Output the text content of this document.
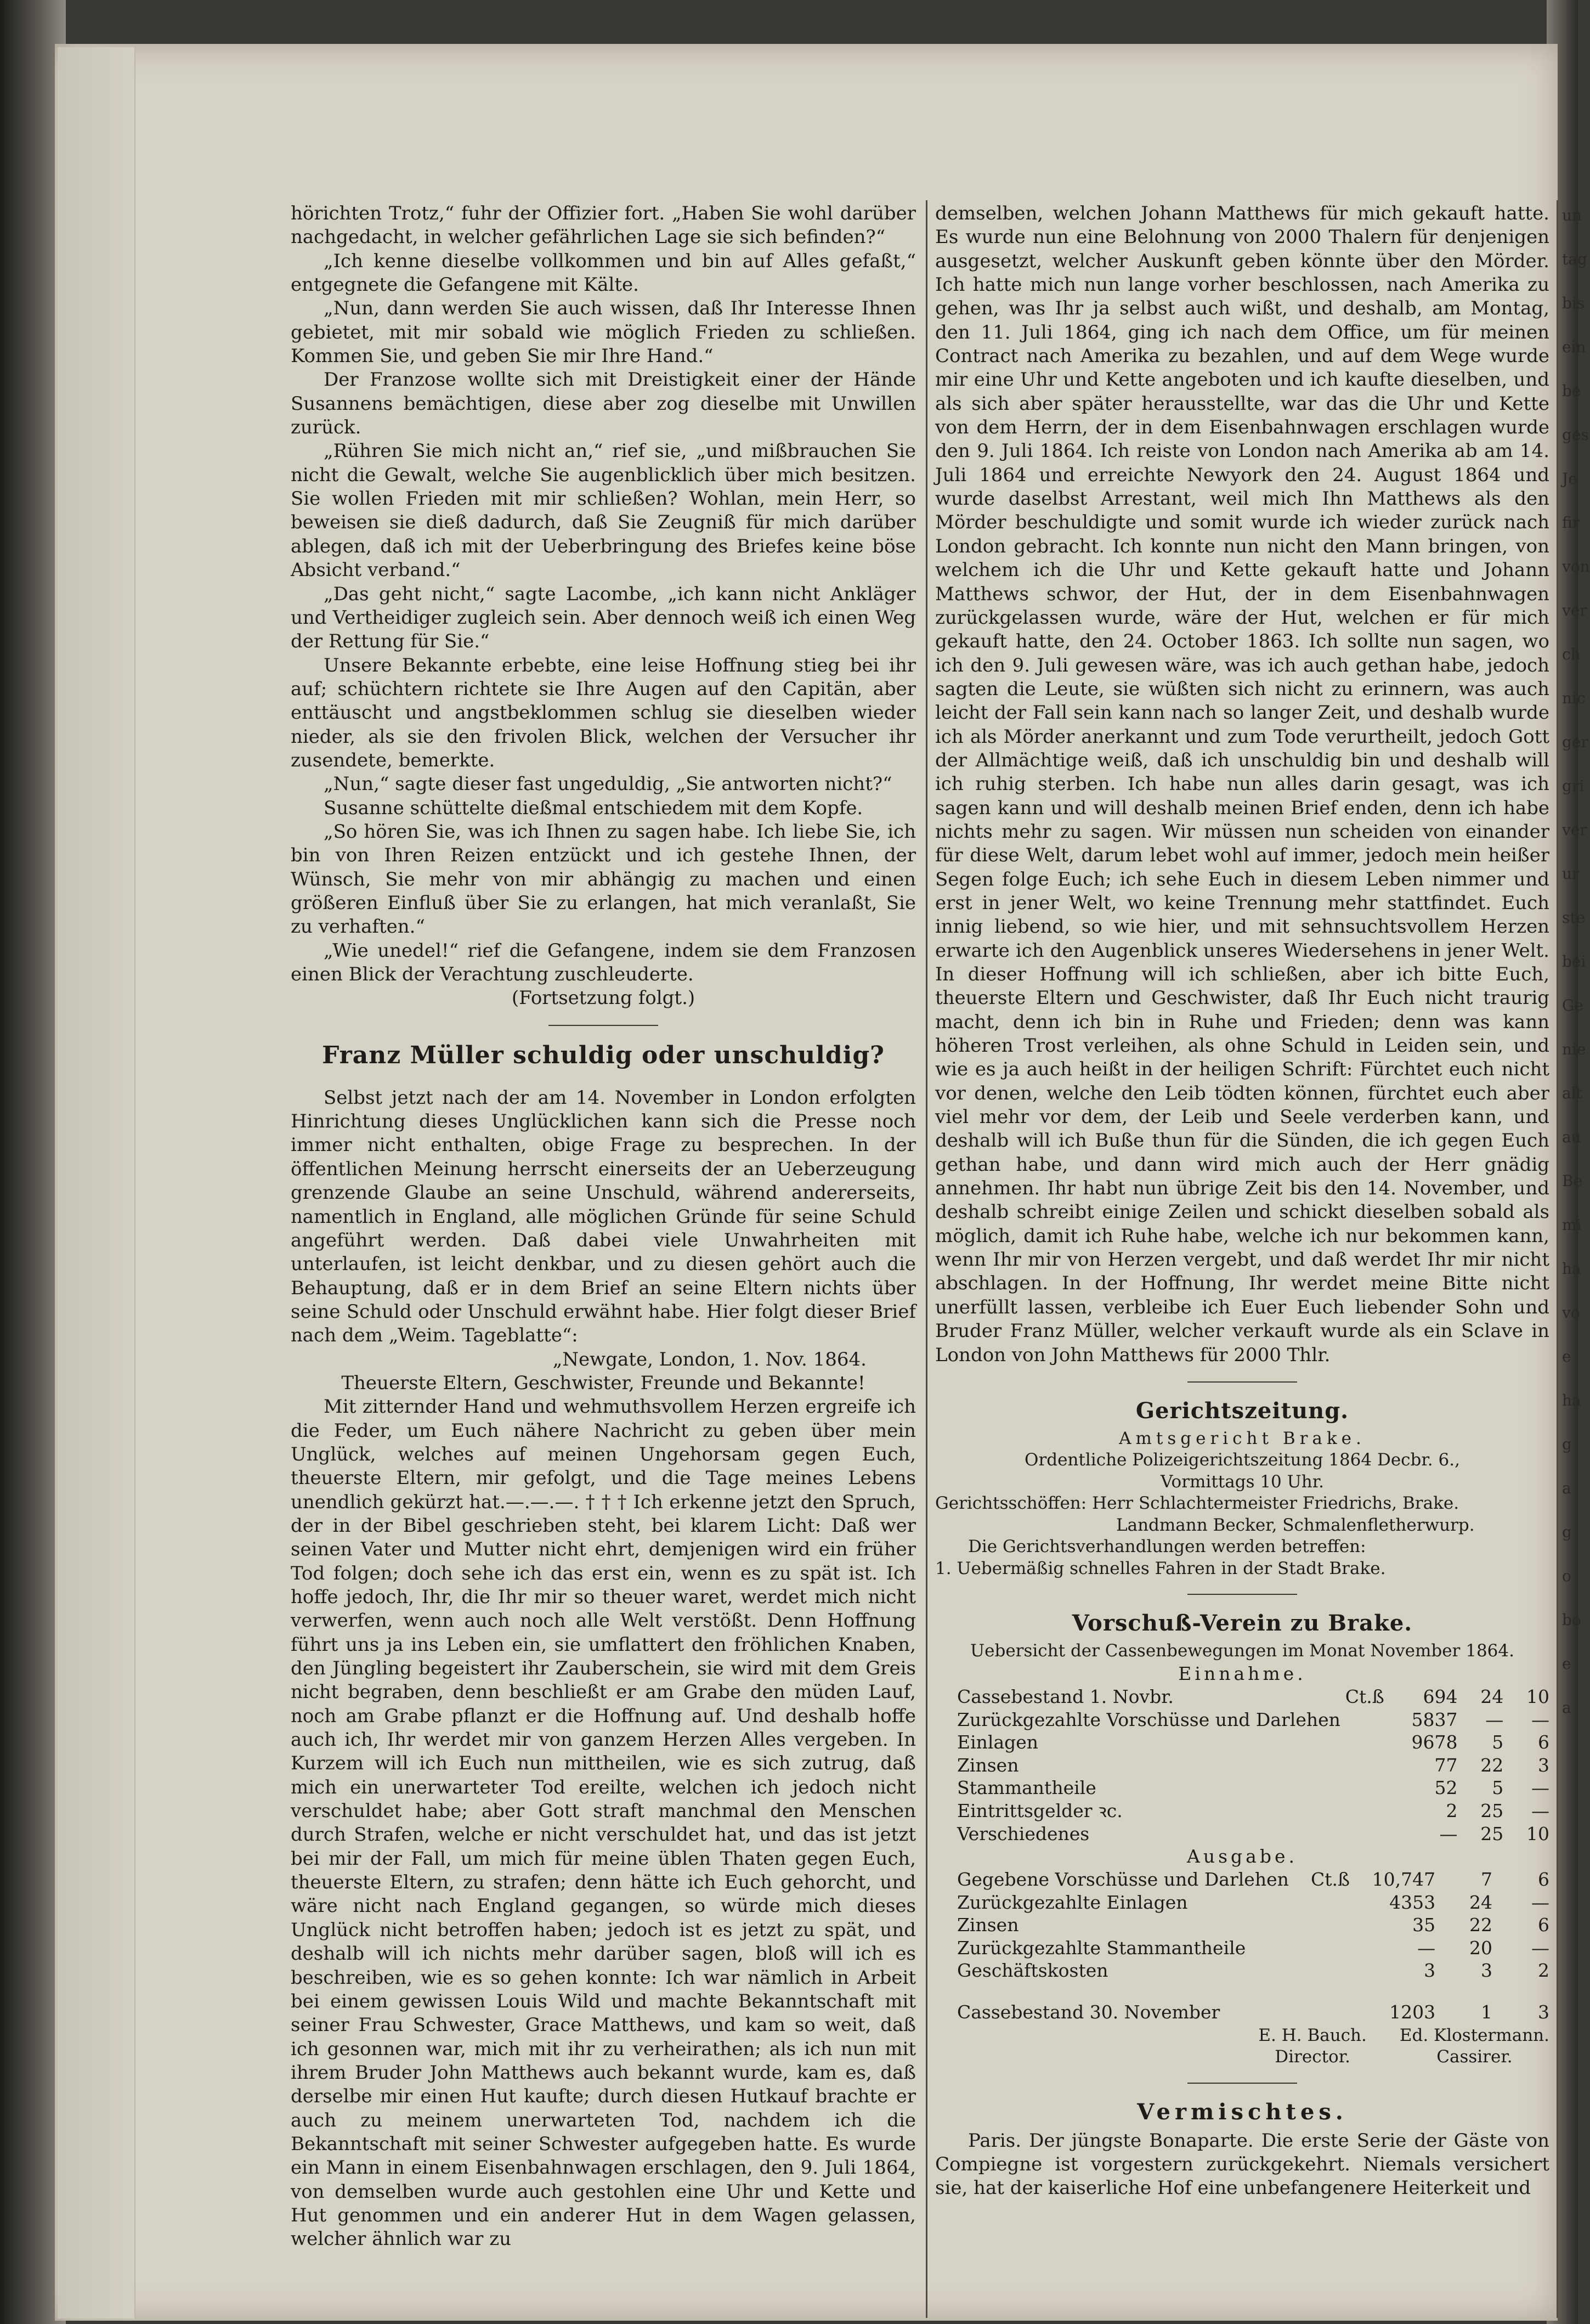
hörichten Trotz,“ fuhr der Offizier fort. „Haben Sie wohl darüber nachgedacht, in welcher gefährlichen Lage sie sich befinden?“

„Ich kenne dieselbe vollkommen und bin auf Alles gefaßt,“ entgegnete die Gefangene mit Kälte.

„Nun, dann werden Sie auch wissen, daß Ihr Interesse Ihnen gebietet, mit mir sobald wie möglich Frieden zu schließen. Kommen Sie, und geben Sie mir Ihre Hand.“

Der Franzose wollte sich mit Dreistigkeit einer der Hände Susannens bemächtigen, diese aber zog dieselbe mit Unwillen zurück.

„Rühren Sie mich nicht an,“ rief sie, „und mißbrauchen Sie nicht die Gewalt, welche Sie augenblicklich über mich besitzen. Sie wollen Frieden mit mir schließen? Wohlan, mein Herr, so beweisen sie dieß dadurch, daß Sie Zeugniß für mich darüber ablegen, daß ich mit der Ueberbringung des Briefes keine böse Absicht verband.“

„Das geht nicht,“ sagte Lacombe, „ich kann nicht Ankläger und Vertheidiger zugleich sein. Aber dennoch weiß ich einen Weg der Rettung für Sie.“

Unsere Bekannte erbebte, eine leise Hoffnung stieg bei ihr auf; schüchtern richtete sie Ihre Augen auf den Capitän, aber enttäuscht und angstbeklommen schlug sie dieselben wieder nieder, als sie den frivolen Blick, welchen der Versucher ihr zusendete, bemerkte.

„Nun,“ sagte dieser fast ungeduldig, „Sie antworten nicht?“

Susanne schüttelte dießmal entschiedem mit dem Kopfe.

„So hören Sie, was ich Ihnen zu sagen habe. Ich liebe Sie, ich bin von Ihren Reizen entzückt und ich gestehe Ihnen, der Wünsch, Sie mehr von mir abhängig zu machen und einen größeren Einfluß über Sie zu erlangen, hat mich veranlaßt, Sie zu verhaften.“

„Wie unedel!“ rief die Gefangene, indem sie dem Franzosen einen Blick der Verachtung zuschleuderte.

(Fortsetzung folgt.)

Franz Müller schuldig oder unschuldig?

Selbst jetzt nach der am 14. November in London erfolgten Hinrichtung dieses Unglücklichen kann sich die Presse noch immer nicht enthalten, obige Frage zu besprechen. In der öffentlichen Meinung herrscht einerseits der an Ueberzeugung grenzende Glaube an seine Unschuld, während andererseits, namentlich in England, alle möglichen Gründe für seine Schuld angeführt werden. Daß dabei viele Unwahrheiten mit unterlaufen, ist leicht denkbar, und zu diesen gehört auch die Behauptung, daß er in dem Brief an seine Eltern nichts über seine Schuld oder Unschuld erwähnt habe. Hier folgt dieser Brief nach dem „Weim. Tageblatte“:

„Newgate, London, 1. Nov. 1864.

Theuerste Eltern, Geschwister, Freunde und Bekannte!

Mit zitternder Hand und wehmuthsvollem Herzen ergreife ich die Feder, um Euch nähere Nachricht zu geben über mein Unglück, welches auf meinen Ungehorsam gegen Euch, theuerste Eltern, mir gefolgt, und die Tage meines Lebens unendlich gekürzt hat.—.—.—. † † † Ich erkenne jetzt den Spruch, der in der Bibel geschrieben steht, bei klarem Licht: Daß wer seinen Vater und Mutter nicht ehrt, demjenigen wird ein früher Tod folgen; doch sehe ich das erst ein, wenn es zu spät ist. Ich hoffe jedoch, Ihr, die Ihr mir so theuer waret, werdet mich nicht verwerfen, wenn auch noch alle Welt verstößt. Denn Hoffnung führt uns ja ins Leben ein, sie umflattert den fröhlichen Knaben, den Jüngling begeistert ihr Zauberschein, sie wird mit dem Greis nicht begraben, denn beschließt er am Grabe den müden Lauf, noch am Grabe pflanzt er die Hoffnung auf. Und deshalb hoffe auch ich, Ihr werdet mir von ganzem Herzen Alles vergeben. In Kurzem will ich Euch nun mittheilen, wie es sich zutrug, daß mich ein unerwarteter Tod ereilte, welchen ich jedoch nicht verschuldet habe; aber Gott straft manchmal den Menschen durch Strafen, welche er nicht verschuldet hat, und das ist jetzt bei mir der Fall, um mich für meine üblen Thaten gegen Euch, theuerste Eltern, zu strafen; denn hätte ich Euch gehorcht, und wäre nicht nach England gegangen, so würde mich dieses Unglück nicht betroffen haben; jedoch ist es jetzt zu spät, und deshalb will ich nichts mehr darüber sagen, bloß will ich es beschreiben, wie es so gehen konnte: Ich war nämlich in Arbeit bei einem gewissen Louis Wild und machte Bekanntschaft mit seiner Frau Schwester, Grace Matthews, und kam so weit, daß ich gesonnen war, mich mit ihr zu verheirathen; als ich nun mit ihrem Bruder John Matthews auch bekannt wurde, kam es, daß derselbe mir einen Hut kaufte; durch diesen Hutkauf brachte er auch zu meinem unerwarteten Tod, nachdem ich die Bekanntschaft mit seiner Schwester aufgegeben hatte. Es wurde ein Mann in einem Eisenbahnwagen erschlagen, den 9. Juli 1864, von demselben wurde auch gestohlen eine Uhr und Kette und Hut genommen und ein anderer Hut in dem Wagen gelassen, welcher ähnlich war zu

demselben, welchen Johann Matthews für mich gekauft hatte. Es wurde nun eine Belohnung von 2000 Thalern für denjenigen ausgesetzt, welcher Auskunft geben könnte über den Mörder. Ich hatte mich nun lange vorher beschlossen, nach Amerika zu gehen, was Ihr ja selbst auch wißt, und deshalb, am Montag, den 11. Juli 1864, ging ich nach dem Office, um für meinen Contract nach Amerika zu bezahlen, und auf dem Wege wurde mir eine Uhr und Kette angeboten und ich kaufte dieselben, und als sich aber später herausstellte, war das die Uhr und Kette von dem Herrn, der in dem Eisenbahnwagen erschlagen wurde den 9. Juli 1864. Ich reiste von London nach Amerika ab am 14. Juli 1864 und erreichte Newyork den 24. August 1864 und wurde daselbst Arrestant, weil mich Ihn Matthews als den Mörder beschuldigte und somit wurde ich wieder zurück nach London gebracht. Ich konnte nun nicht den Mann bringen, von welchem ich die Uhr und Kette gekauft hatte und Johann Matthews schwor, der Hut, der in dem Eisenbahnwagen zurückgelassen wurde, wäre der Hut, welchen er für mich gekauft hatte, den 24. October 1863. Ich sollte nun sagen, wo ich den 9. Juli gewesen wäre, was ich auch gethan habe, jedoch sagten die Leute, sie wüßten sich nicht zu erinnern, was auch leicht der Fall sein kann nach so langer Zeit, und deshalb wurde ich als Mörder anerkannt und zum Tode verurtheilt, jedoch Gott der Allmächtige weiß, daß ich unschuldig bin und deshalb will ich ruhig sterben. Ich habe nun alles darin gesagt, was ich sagen kann und will deshalb meinen Brief enden, denn ich habe nichts mehr zu sagen. Wir müssen nun scheiden von einander für diese Welt, darum lebet wohl auf immer, jedoch mein heißer Segen folge Euch; ich sehe Euch in diesem Leben nimmer und erst in jener Welt, wo keine Trennung mehr stattfindet. Euch innig liebend, so wie hier, und mit sehnsuchtsvollem Herzen erwarte ich den Augenblick unseres Wiedersehens in jener Welt. In dieser Hoffnung will ich schließen, aber ich bitte Euch, theuerste Eltern und Geschwister, daß Ihr Euch nicht traurig macht, denn ich bin in Ruhe und Frieden; denn was kann höheren Trost verleihen, als ohne Schuld in Leiden sein, und wie es ja auch heißt in der heiligen Schrift: Fürchtet euch nicht vor denen, welche den Leib tödten können, fürchtet euch aber viel mehr vor dem, der Leib und Seele verderben kann, und deshalb will ich Buße thun für die Sünden, die ich gegen Euch gethan habe, und dann wird mich auch der Herr gnädig annehmen. Ihr habt nun übrige Zeit bis den 14. November, und deshalb schreibt einige Zeilen und schickt dieselben sobald als möglich, damit ich Ruhe habe, welche ich nur bekommen kann, wenn Ihr mir von Herzen vergebt, und daß werdet Ihr mir nicht abschlagen. In der Hoffnung, Ihr werdet meine Bitte nicht unerfüllt lassen, verbleibe ich Euer Euch liebender Sohn und Bruder Franz Müller, welcher verkauft wurde als ein Sclave in London von John Matthews für 2000 Thlr.

Gerichtszeitung.

Amtsgericht Brake.

Ordentliche Polizeigerichtszeitung 1864 Decbr. 6.,

Vormittags 10 Uhr.

Gerichtsschöffen: Herr Schlachtermeister Friedrichs, Brake.

Landmann Becker, Schmalenfletherwurp.

Die Gerichtsverhandlungen werden betreffen:

1. Uebermäßig schnelles Fahren in der Stadt Brake.

Vorschuß-Verein zu Brake.

Uebersicht der Cassenbewegungen im Monat November 1864.

Einnahme.

Cassebestand 1. Novbr.	Ct.ß	694	24	10
Zurückgezahlte Vorschüsse und Darlehen		5837	—	—
Einlagen		9678	5	6
Zinsen		77	22	3
Stammantheile		52	5	—
Eintrittsgelder ꝛc.		2	25	—
Verschiedenes		—	25	10

Ausgabe.

Gegebene Vorschüsse und Darlehen	Ct.ß	10,747	7	6
Zurückgezahlte Einlagen		4353	24	—
Zinsen		35	22	6
Zurückgezahlte Stammantheile		—	20	—
Geschäftskosten		3	3	2
Cassebestand 30. November		1203	1	3
E. H. Bauch.
Director.
Ed. Klostermann.
Cassirer.
Vermischtes.

Paris. Der jüngste Bonaparte. Die erste Serie der Gäste von Compiegne ist vorgestern zurückgekehrt. Niemals versichert sie, hat der kaiserliche Hof eine unbefangenere Heiterkeit und

un
tag
bis
ein
be
ges
Je
fir
von
ver
ch
nic
ger
gri
ver
ur
ste
bei
Ge
nie
alt
au
Be
mi
ha
vo
e
ha
g
a
g
o
bo
e
a
